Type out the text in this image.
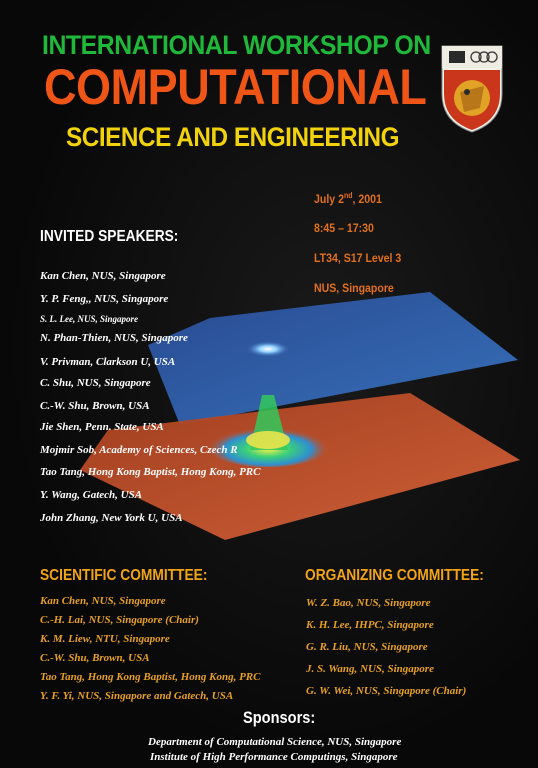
INTERNATIONAL WORKSHOP ON
COMPUTATIONAL
SCIENCE AND ENGINEERING

July 2nd, 2001

8:45 – 17:30

LT34, S17 Level 3

NUS, Singapore

INVITED SPEAKERS:
Kan Chen, NUS, Singapore
Y. P. Feng,, NUS, Singapore
S. L. Lee, NUS, Singapore
N. Phan-Thien, NUS, Singapore
V. Privman, Clarkson U, USA
C. Shu, NUS, Singapore
C.-W. Shu, Brown, USA
Jie Shen, Penn. State, USA
Mojmir Sob, Academy of Sciences, Czech R
Tao Tang, Hong Kong Baptist, Hong Kong, PRC
Y. Wang, Gatech, USA
John Zhang, New York U, USA
SCIENTIFIC COMMITTEE:
Kan Chen, NUS, Singapore
C.-H. Lai, NUS, Singapore (Chair)
K. M. Liew, NTU, Singapore
C.-W. Shu, Brown, USA
Tao Tang, Hong Kong Baptist, Hong Kong, PRC
Y. F. Yi, NUS, Singapore and Gatech, USA
ORGANIZING COMMITTEE:
W. Z. Bao, NUS, Singapore
K. H. Lee, IHPC, Singapore
G. R. Liu, NUS, Singapore
J. S. Wang, NUS, Singapore
G. W. Wei, NUS, Singapore (Chair)
Sponsors:
Department of Computational Science, NUS, Singapore
Institute of High Performance Computings, Singapore
